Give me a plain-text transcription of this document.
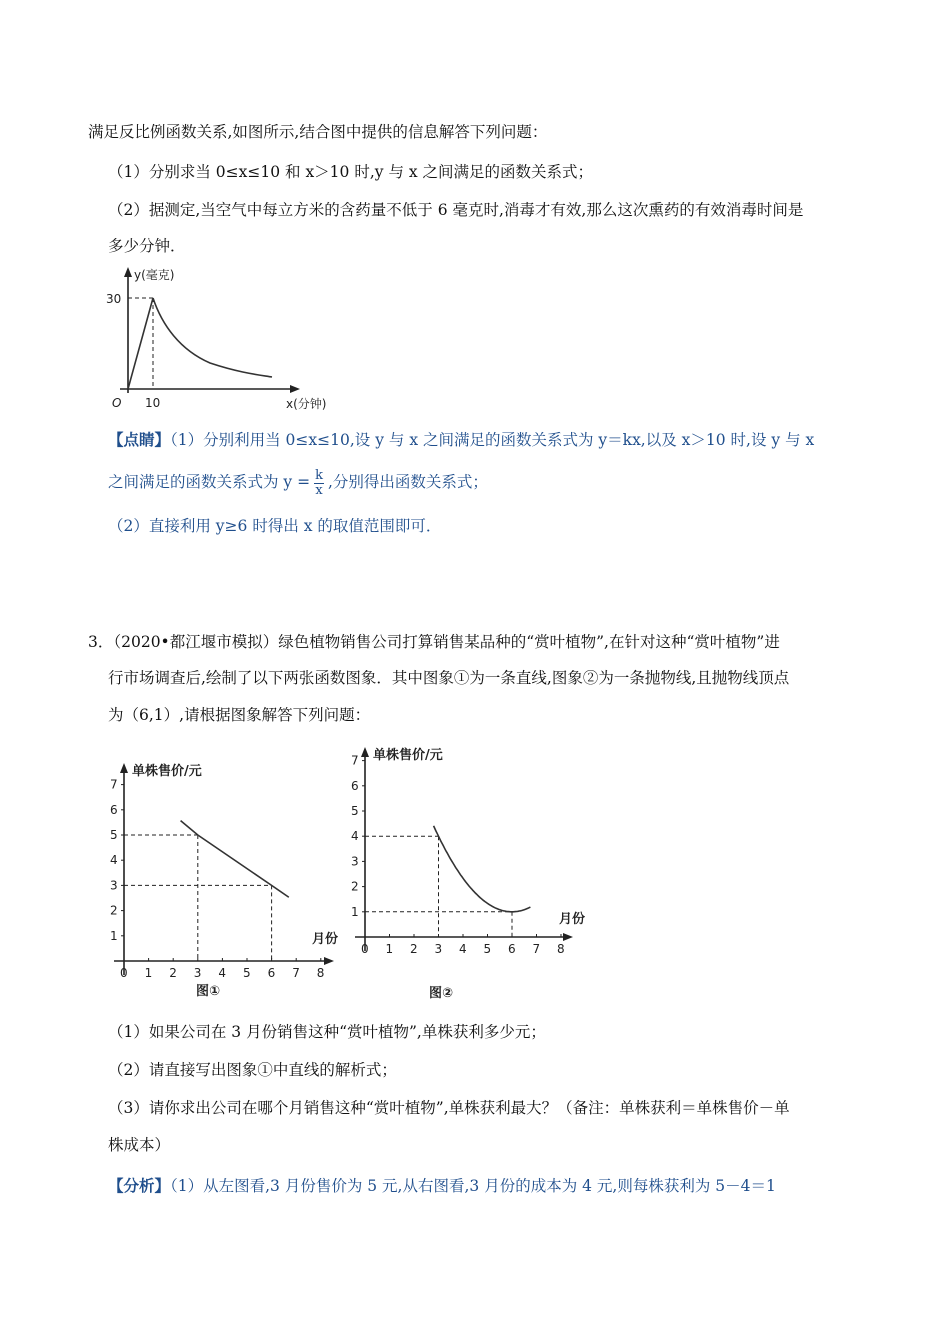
满足反比例函数关系,如图所示,结合图中提供的信息解答下列问题：
（1）分别求当 0≤x≤10 和 x＞10 时,y 与 x 之间满足的函数关系式；
（2）据测定,当空气中每立方米的含药量不低于 6 毫克时,消毒才有效,那么这次熏药的有效消毒时间是
多少分钟．
y(毫克)
30
O 10	x(分钟)
【点睛】（1）分别利用当 0≤x≤10,设 y 与 x 之间满足的函数关系式为 y＝kx,以及 x＞10 时,设 y 与 x
之间满足的函数关系式为 $y = \frac{k}{x}$ ,分别得出函数关系式；
（2）直接利用 y≥6 时得出 x 的取值范围即可．
3．（2020•都江堰市模拟）绿色植物销售公司打算销售某品种的“赏叶植物”,在针对这种“赏叶植物”进
行市场调查后,绘制了以下两张函数图象．其中图象①为一条直线,图象②为一条抛物线,且抛物线顶点
为（6,1）,请根据图象解答下列问题：
1
2
3
4
5
6
7
0 1 2 3 4 5 6 7 8
单株售价/元
月份
图①
1
2
3
4
5
6
7
0 1 2 3 4 5 6 7 8
单株售价/元
月份
图②
（1）如果公司在 3 月份销售这种“赏叶植物”,单株获利多少元；
（2）请直接写出图象①中直线的解析式；
（3）请你求出公司在哪个月销售这种“赏叶植物”,单株获利最大？（备注：单株获利＝单株售价－单
株成本）
【分析】（1）从左图看,3 月份售价为 5 元,从右图看,3 月份的成本为 4 元,则每株获利为 5－4＝1
